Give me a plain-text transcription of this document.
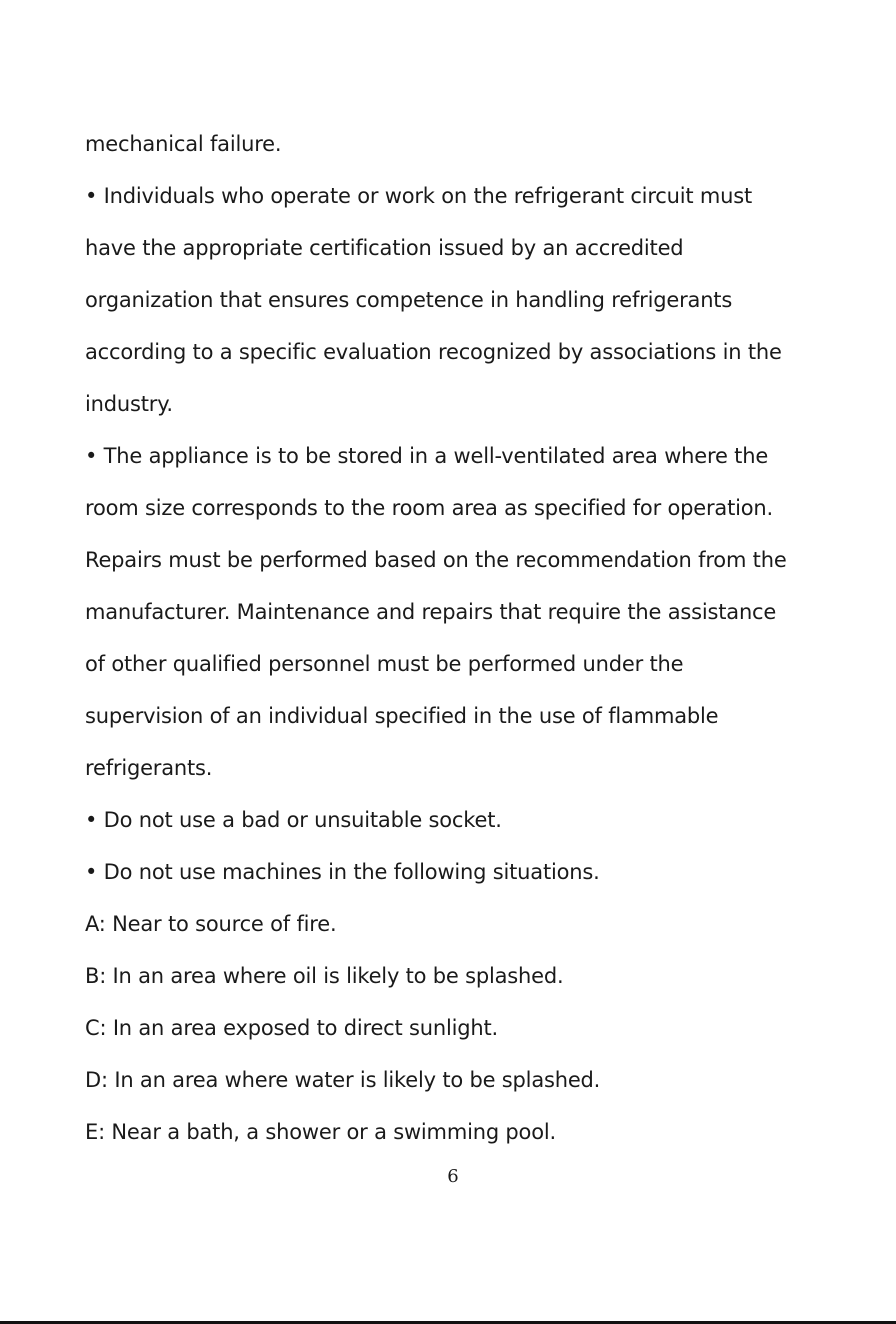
mechanical failure.
• Individuals who operate or work on the refrigerant circuit must
have the appropriate certification issued by an accredited
organization that ensures competence in handling refrigerants
according to a specific evaluation recognized by associations in the
industry.
• The appliance is to be stored in a well-ventilated area where the
room size corresponds to the room area as specified for operation.
Repairs must be performed based on the recommendation from the
manufacturer. Maintenance and repairs that require the assistance
of other qualified personnel must be performed under the
supervision of an individual specified in the use of flammable
refrigerants.
• Do not use a bad or unsuitable socket.
• Do not use machines in the following situations.
A: Near to source of fire.
B: In an area where oil is likely to be splashed.
C: In an area exposed to direct sunlight.
D: In an area where water is likely to be splashed.
E: Near a bath, a shower or a swimming pool.
6
